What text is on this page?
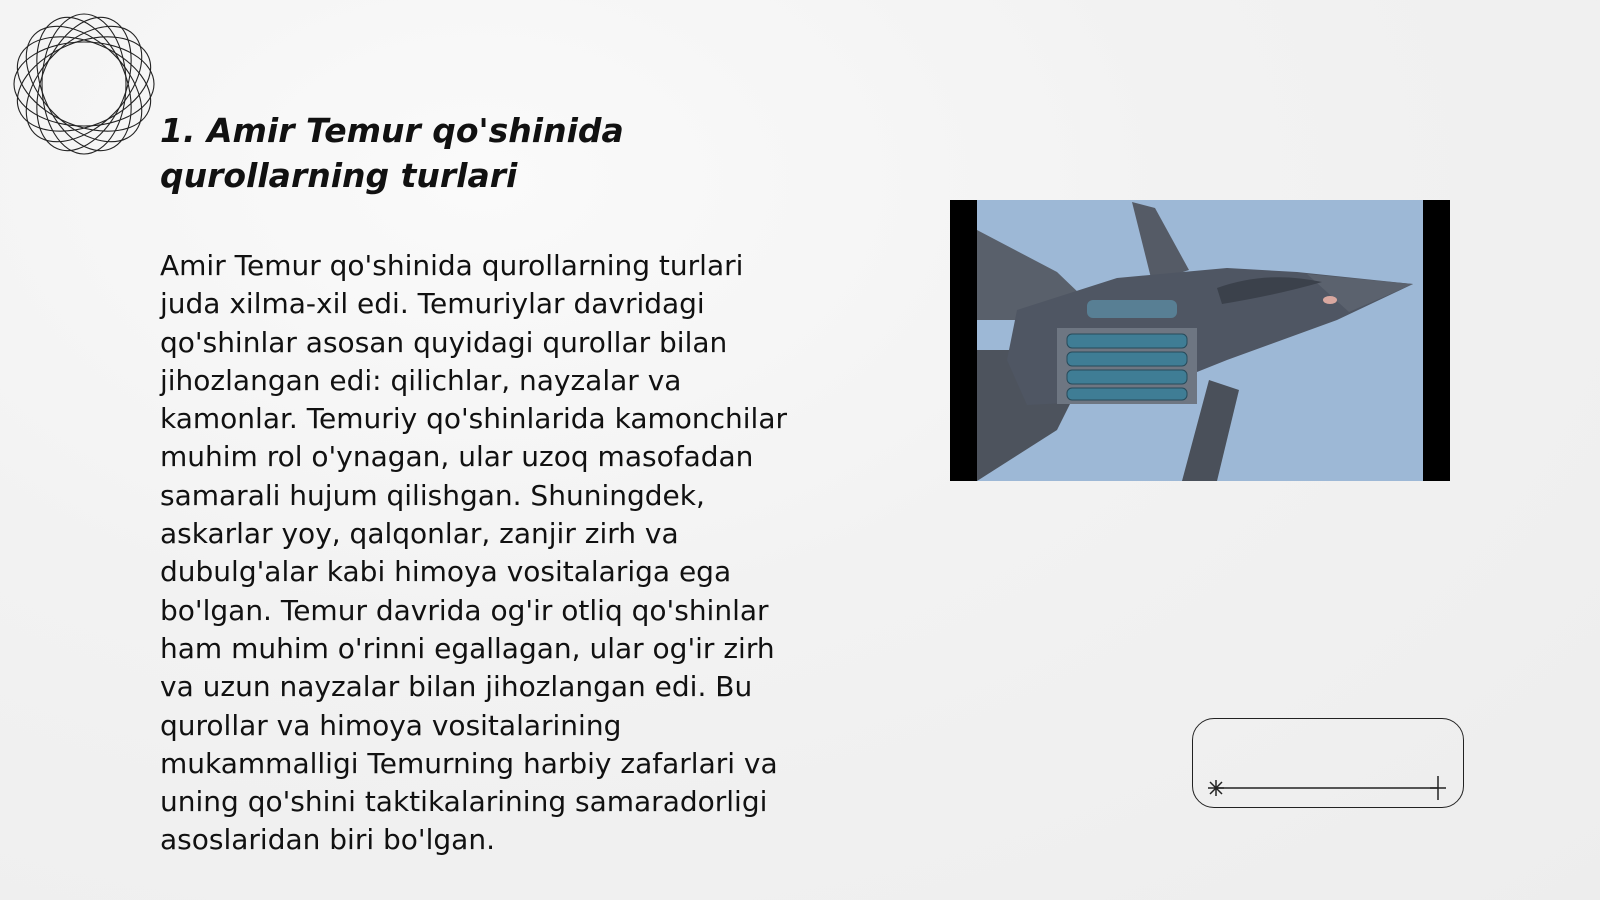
1. Amir Temur qo'shinida qurollarning turlari

Amir Temur qo'shinida qurollarning turlari
juda xilma-xil edi. Temuriylar davridagi
qo'shinlar asosan quyidagi qurollar bilan
jihozlangan edi: qilichlar, nayzalar va
kamonlar. Temuriy qo'shinlarida kamonchilar
muhim rol o'ynagan, ular uzoq masofadan
samarali hujum qilishgan. Shuningdek,
askarlar yoy, qalqonlar, zanjir zirh va
dubulg'alar kabi himoya vositalariga ega
bo'lgan. Temur davrida og'ir otliq qo'shinlar
ham muhim o'rinni egallagan, ular og'ir zirh
va uzun nayzalar bilan jihozlangan edi. Bu
qurollar va himoya vositalarining
mukammalligi Temurning harbiy zafarlari va
uning qo'shini taktikalarining samaradorligi
asoslaridan biri bo'lgan.
